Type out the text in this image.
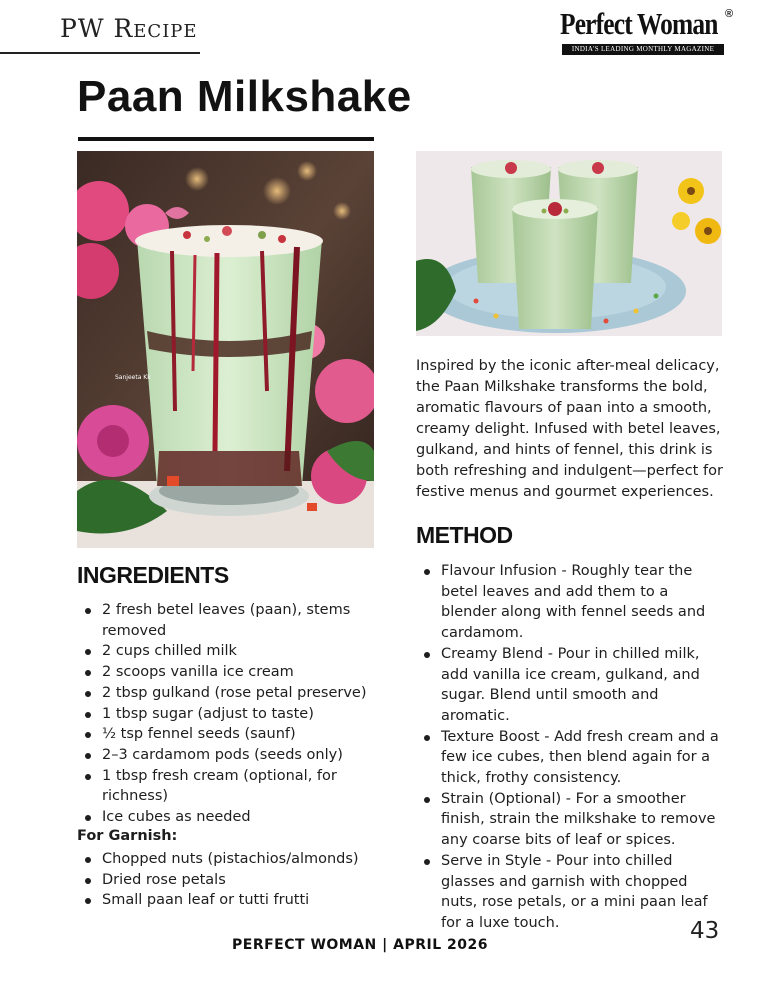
PW Recipe	Perfect Woman ®
INDIA'S LEADING MONTHLY MAGAZINE
Paan Milkshake
Sanjeeta Kk
Inspired by the iconic after-meal delicacy, the Paan Milkshake transforms the bold, aromatic flavours of paan into a smooth, creamy delight. Infused with betel leaves, gulkand, and hints of fennel, this drink is both refreshing and indulgent—perfect for festive menus and gourmet experiences.
METHOD
Flavour Infusion - Roughly tear the betel leaves and add them to a blender along with fennel seeds and cardamom.
Creamy Blend - Pour in chilled milk, add vanilla ice cream, gulkand, and sugar. Blend until smooth and aromatic.
Texture Boost - Add fresh cream and a few ice cubes, then blend again for a thick, frothy consistency.
Strain (Optional) - For a smoother finish, strain the milkshake to remove any coarse bits of leaf or spices.
Serve in Style - Pour into chilled glasses and garnish with chopped nuts, rose petals, or a mini paan leaf for a luxe touch.
INGREDIENTS
2 fresh betel leaves (paan), stems removed
2 cups chilled milk
2 scoops vanilla ice cream
2 tbsp gulkand (rose petal preserve)
1 tbsp sugar (adjust to taste)
½ tsp fennel seeds (saunf)
2–3 cardamom pods (seeds only)
1 tbsp fresh cream (optional, for richness)
Ice cubes as needed
For Garnish:
Chopped nuts (pistachios/almonds)
Dried rose petals
Small paan leaf or tutti frutti
PERFECT WOMAN | APRIL 2026
43
